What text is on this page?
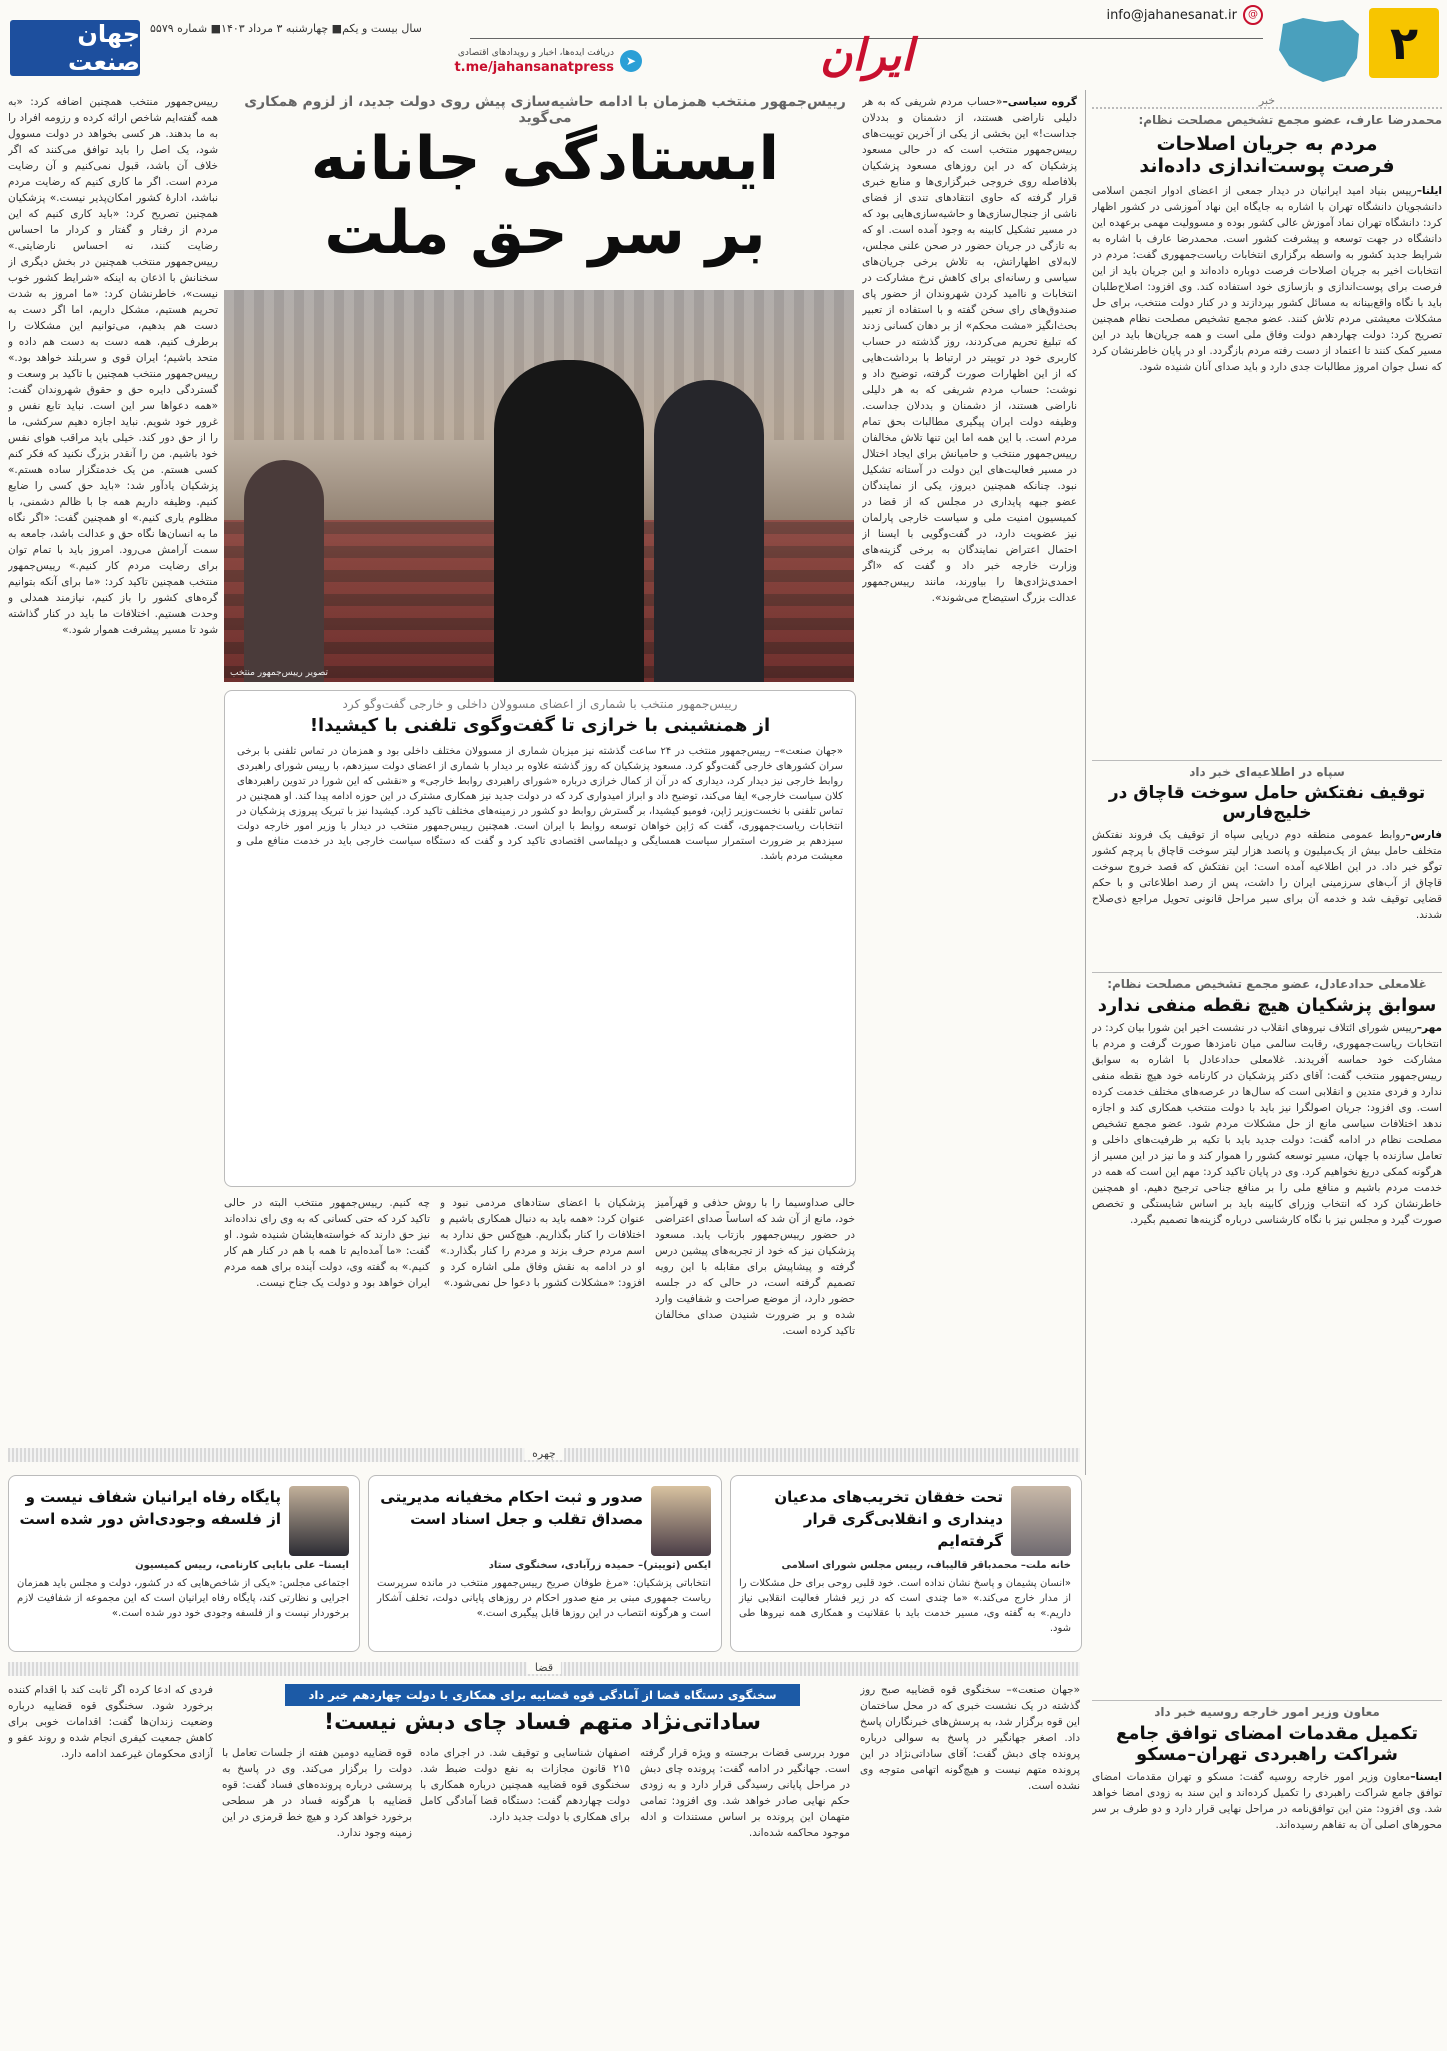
۲
@
info@jahanesanat.ir
ایران
➤
دریافت ایده‌ها، اخبار و رویدادهای اقتصادی
t.me/jahansanatpress
سال بیست و یکم■ چهارشنبه ۳ مرداد ۱۴۰۳■ شماره ۵۵۷۹
جهان صنعت
خبر

محمدرضا عارف، عضو مجمع تشخیص مصلحت نظام:

مردم به جریان اصلاحات

فرصت پوست‌اندازی داده‌اند

ایلنا–رییس بنیاد امید ایرانیان در دیدار جمعی از اعضای ادوار انجمن اسلامی دانشجویان دانشگاه تهران با اشاره به جایگاه این نهاد آموزشی در کشور اظهار کرد: دانشگاه تهران نماد آموزش عالی کشور بوده و مسوولیت مهمی برعهده این دانشگاه در جهت توسعه و پیشرفت کشور است. محمدرضا عارف با اشاره به شرایط جدید کشور به واسطه برگزاری انتخابات ریاست‌جمهوری گفت: مردم در انتخابات اخیر به جریان اصلاحات فرصت دوباره داده‌اند و این جریان باید از این فرصت برای پوست‌اندازی و بازسازی خود استفاده کند. وی افزود: اصلاح‌طلبان باید با نگاه واقع‌بینانه به مسائل کشور بپردازند و در کنار دولت منتخب، برای حل مشکلات معیشتی مردم تلاش کنند. عضو مجمع تشخیص مصلحت نظام همچنین تصریح کرد: دولت چهاردهم دولت وفاق ملی است و همه جریان‌ها باید در این مسیر کمک کنند تا اعتماد از دست رفته مردم بازگردد. او در پایان خاطرنشان کرد که نسل جوان امروز مطالبات جدی دارد و باید صدای آنان شنیده شود.

سپاه در اطلاعیه‌ای خبر داد

توقیف نفتکش حامل سوخت قاچاق در خلیج‌فارس

فارس–روابط عمومی منطقه دوم دریایی سپاه از توقیف یک فروند نفتکش متخلف حامل بیش از یک‌میلیون و پانصد هزار لیتر سوخت قاچاق با پرچم کشور توگو خبر داد. در این اطلاعیه آمده است: این نفتکش که قصد خروج سوخت قاچاق از آب‌های سرزمینی ایران را داشت، پس از رصد اطلاعاتی و با حکم قضایی توقیف شد و خدمه آن برای سیر مراحل قانونی تحویل مراجع ذی‌صلاح شدند.

غلامعلی حدادعادل، عضو مجمع تشخیص مصلحت نظام:

سوابق پزشکیان هیچ نقطه منفی ندارد

مهر–رییس شورای ائتلاف نیروهای انقلاب در نشست اخیر این شورا بیان کرد: در انتخابات ریاست‌جمهوری، رقابت سالمی میان نامزدها صورت گرفت و مردم با مشارکت خود حماسه آفریدند. غلامعلی حدادعادل با اشاره به سوابق رییس‌جمهور منتخب گفت: آقای دکتر پزشکیان در کارنامه خود هیچ نقطه منفی ندارد و فردی متدین و انقلابی است که سال‌ها در عرصه‌های مختلف خدمت کرده است. وی افزود: جریان اصولگرا نیز باید با دولت منتخب همکاری کند و اجازه ندهد اختلافات سیاسی مانع از حل مشکلات مردم شود. عضو مجمع تشخیص مصلحت نظام در ادامه گفت: دولت جدید باید با تکیه بر ظرفیت‌های داخلی و تعامل سازنده با جهان، مسیر توسعه کشور را هموار کند و ما نیز در این مسیر از هرگونه کمکی دریغ نخواهیم کرد. وی در پایان تاکید کرد: مهم این است که همه در خدمت مردم باشیم و منافع ملی را بر منافع جناحی ترجیح دهیم. او همچنین خاطرنشان کرد که انتخاب وزرای کابینه باید بر اساس شایستگی و تخصص صورت گیرد و مجلس نیز با نگاه کارشناسی درباره گزینه‌ها تصمیم بگیرد.

معاون وزیر امور خارجه روسیه خبر داد

تکمیل مقدمات امضای توافق جامع

شراکت راهبردی تهران–مسکو

ایسنا–معاون وزیر امور خارجه روسیه گفت: مسکو و تهران مقدمات امضای توافق جامع شراکت راهبردی را تکمیل کرده‌اند و این سند به زودی امضا خواهد شد. وی افزود: متن این توافق‌نامه در مراحل نهایی قرار دارد و دو طرف بر سر محورهای اصلی آن به تفاهم رسیده‌اند.

رییس‌جمهور منتخب همزمان با ادامه حاشیه‌سازی پیش روی دولت جدید، از لزوم همکاری می‌گوید
ایستادگی جانانه
بر سر حق ملت
تصویر رییس‌جمهور منتخب

گروه سیاسی–«حساب مردم شریفی که به هر دلیلی ناراضی هستند، از دشمنان و بددلان جداست!» این بخشی از یکی از آخرین توییت‌های رییس‌جمهور منتخب است که در حالی مسعود پزشکیان که در این روزهای مسعود پزشکیان بلافاصله روی خروجی خبرگزاری‌ها و منابع خبری قرار گرفته که حاوی انتقادهای تندی از فضای ناشی از جنجال‌سازی‌ها و حاشیه‌سازی‌هایی بود که در مسیر تشکیل کابینه به وجود آمده است. او که به تازگی در جریان حضور در صحن علنی مجلس، لابه‌لای اظهاراتش، به تلاش برخی جریان‌های سیاسی و رسانه‌ای برای کاهش نرخ مشارکت در انتخابات و ناامید کردن شهروندان از حضور پای صندوق‌های رای سخن گفته و با استفاده از تعبیر بحث‌انگیز «مشت محکم» از بر دهان کسانی زدند که تبلیغ تحریم می‌کردند، روز گذشته در حساب کاربری خود در توییتر در ارتباط با برداشت‌هایی که از این اظهارات صورت گرفته، توضیح داد و نوشت: حساب مردم شریفی که به هر دلیلی ناراضی هستند، از دشمنان و بددلان جداست. وظیفه دولت ایران پیگیری مطالبات بحق تمام مردم است. با این همه اما این تنها تلاش مخالفان رییس‌جمهور منتخب و حامیانش برای ایجاد اختلال در مسیر فعالیت‌های این دولت در آستانه تشکیل نبود. چنانکه همچنین دیروز، یکی از نمایندگان عضو جبهه پایداری در مجلس که از قضا در کمیسیون امنیت ملی و سیاست خارجی پارلمان نیز عضویت دارد، در گفت‌وگویی با ایسنا از احتمال اعتراض نمایندگان به برخی گزینه‌های وزارت خارجه خبر داد و گفت که «اگر احمدی‌نژادی‌ها را بیاورند، مانند رییس‌جمهور عدالت بزرگ استیضاح می‌شوند».

رییس‌جمهور منتخب همچنین اضافه کرد: «به همه گفته‌ایم شاخص ارائه کرده و رزومه افراد را به ما بدهند. هر کسی بخواهد در دولت مسوول شود، یک اصل را باید توافق می‌کنند که اگر خلاف آن باشد، قبول نمی‌کنیم و آن رضایت مردم است. اگر ما کاری کنیم که رضایت مردم نباشد، ادارهٔ کشور امکان‌پذیر نیست.» پزشکیان همچنین تصریح کرد: «باید کاری کنیم که این مردم از رفتار و گفتار و کردار ما احساس رضایت کنند، نه احساس نارضایتی.» رییس‌جمهور منتخب همچنین در بخش دیگری از سخنانش با اذعان به اینکه «شرایط کشور خوب نیست»، خاطرنشان کرد: «ما امروز به شدت تحریم هستیم، مشکل داریم، اما اگر دست به دست هم بدهیم، می‌توانیم این مشکلات را برطرف کنیم. همه دست به دست هم داده و متحد باشیم؛ ایران قوی و سربلند خواهد بود.» رییس‌جمهور منتخب همچنین با تاکید بر وسعت و گستردگی دایره حق و حقوق شهروندان گفت: «همه دعواها سر این است. نباید تابع نفس و غرور خود شویم. نباید اجازه دهیم سرکشی، ما را از حق دور کند. خیلی باید مراقب هوای نفس خود باشیم. من را آنقدر بزرگ نکنید که فکر کنم کسی هستم. من یک خدمتگزار ساده هستم.» پزشکیان یادآور شد: «باید حق کسی را ضایع کنیم. وظیفه داریم همه جا با ظالم دشمنی، با مظلوم یاری کنیم.» او همچنین گفت: «اگر نگاه ما به انسان‌ها نگاه حق و عدالت باشد، جامعه به سمت آرامش می‌رود. امروز باید با تمام توان برای رضایت مردم کار کنیم.» رییس‌جمهور منتخب همچنین تاکید کرد: «ما برای آنکه بتوانیم گره‌های کشور را باز کنیم، نیازمند همدلی و وحدت هستیم. اختلافات ما باید در کنار گذاشته شود تا مسیر پیشرفت هموار شود.»

رییس‌جمهور منتخب با شماری از اعضای مسوولان داخلی و خارجی گفت‌وگو کرد
از همنشینی با خرازی تا گفت‌وگوی تلفنی با کیشیدا!

«جهان صنعت»– رییس‌جمهور منتخب در ۲۴ ساعت گذشته نیز میزبان شماری از مسوولان مختلف داخلی بود و همزمان در تماس تلفنی با برخی سران کشورهای خارجی گفت‌وگو کرد. مسعود پزشکیان که روز گذشته علاوه بر دیدار با شماری از اعضای دولت سیزدهم، با رییس شورای راهبردی روابط خارجی نیز دیدار کرد، دیداری که در آن از کمال خرازی درباره «شورای راهبردی روابط خارجی» و «نقشی که این شورا در تدوین راهبردهای کلان سیاست خارجی» ایفا می‌کند، توضیح داد و ابراز امیدواری کرد که در دولت جدید نیز همکاری مشترک در این حوزه ادامه پیدا کند. او همچنین در تماس تلفنی با نخست‌وزیر ژاپن، فومیو کیشیدا، بر گسترش روابط دو کشور در زمینه‌های مختلف تاکید کرد. کیشیدا نیز با تبریک پیروزی پزشکیان در انتخابات ریاست‌جمهوری، گفت که ژاپن خواهان توسعه روابط با ایران است. همچنین رییس‌جمهور منتخب در دیدار با وزیر امور خارجه دولت سیزدهم بر ضرورت استمرار سیاست همسایگی و دیپلماسی اقتصادی تاکید کرد و گفت که دستگاه سیاست خارجی باید در خدمت منافع ملی و معیشت مردم باشد.

حالی صداوسیما را با روش حذفی و قهرآمیز خود، مانع از آن شد که اساساً صدای اعتراضی در حضور رییس‌جمهور بازتاب یابد. مسعود پزشکیان نیز که خود از تجربه‌های پیشین درس گرفته و پیشاپیش برای مقابله با این رویه تصمیم گرفته است، در حالی که در جلسه حضور دارد، از موضع صراحت و شفافیت وارد شده و بر ضرورت شنیدن صدای مخالفان تاکید کرده است.

پزشکیان با اعضای ستادهای مردمی نبود و عنوان کرد: «همه باید به دنبال همکاری باشیم و اختلافات را کنار بگذاریم. هیچ‌کس حق ندارد به اسم مردم حرف بزند و مردم را کنار بگذارد.» او در ادامه به نقش وفاق ملی اشاره کرد و افزود: «مشکلات کشور با دعوا حل نمی‌شود.»

چه کنیم. رییس‌جمهور منتخب البته در حالی تاکید کرد که حتی کسانی که به وی رای نداده‌اند نیز حق دارند که خواسته‌هایشان شنیده شود. او گفت: «ما آمده‌ایم تا همه با هم در کنار هم کار کنیم.» به گفته وی، دولت آینده برای همه مردم ایران خواهد بود و دولت یک جناح نیست.

چهره
تحت خفقان تخریب‌های مدعیان دینداری و انقلابی‌گری قرار گرفته‌ایم
خانه ملت– محمدباقر قالیباف، رییس مجلس شورای اسلامی

«انسان پشیمان و پاسخ نشان نداده است. خود قلبی روحی برای حل مشکلات را از مدار خارج می‌کند.» «ما چندی است که در زیر فشار فعالیت انقلابی نیاز داریم.» به گفته وی، مسیر خدمت باید با عقلانیت و همکاری همه نیروها طی شود.

صدور و ثبت احکام مخفیانه مدیریتی مصداق تقلب و جعل اسناد است
ایکس (توییتر)– حمیده زرآبادی، سخنگوی ستاد

انتخاباتی پزشکیان: «مرغ طوفان صریح رییس‌جمهور منتخب در مانده سرپرست ریاست جمهوری مبنی بر منع صدور احکام در روزهای پایانی دولت، تخلف آشکار است و هرگونه انتصاب در این روزها قابل پیگیری است.»

پایگاه رفاه ایرانیان شفاف نیست و از فلسفه وجودی‌اش دور شده است
ایسنا– علی بابایی کارنامی، رییس کمیسیون

اجتماعی مجلس: «یکی از شاخص‌هایی که در کشور، دولت و مجلس باید همزمان اجرایی و نظارتی کند، پایگاه رفاه ایرانیان است که این مجموعه از شفافیت لازم برخوردار نیست و از فلسفه وجودی خود دور شده است.»

قضا
سخنگوی دستگاه قضا از آمادگی قوه قضاییه برای همکاری با دولت چهاردهم خبر داد
ساداتی‌نژاد متهم فساد چای دبش نیست!

«جهان صنعت»– سخنگوی قوه قضاییه صبح روز گذشته در یک نشست خبری که در محل ساختمان این قوه برگزار شد، به پرسش‌های خبرنگاران پاسخ داد. اصغر جهانگیر در پاسخ به سوالی درباره پرونده چای دبش گفت: آقای ساداتی‌نژاد در این پرونده متهم نیست و هیچ‌گونه اتهامی متوجه وی نشده است.

مورد بررسی قضات برجسته و ویژه قرار گرفته است. جهانگیر در ادامه گفت: پرونده چای دبش در مراحل پایانی رسیدگی قرار دارد و به زودی حکم نهایی صادر خواهد شد. وی افزود: تمامی متهمان این پرونده بر اساس مستندات و ادله موجود محاکمه شده‌اند.

اصفهان شناسایی و توقیف شد. در اجرای ماده ۲۱۵ قانون مجازات به نفع دولت ضبط شد. سخنگوی قوه قضاییه همچنین درباره همکاری با دولت چهاردهم گفت: دستگاه قضا آمادگی کامل برای همکاری با دولت جدید دارد.

قوه قضاییه دومین هفته از جلسات تعامل با دولت را برگزار می‌کند. وی در پاسخ به پرسشی درباره پرونده‌های فساد گفت: قوه قضاییه با هرگونه فساد در هر سطحی برخورد خواهد کرد و هیچ خط قرمزی در این زمینه وجود ندارد.

فردی که ادعا کرده اگر ثابت کند با اقدام کننده برخورد شود. سخنگوی قوه قضاییه درباره وضعیت زندان‌ها گفت: اقدامات خوبی برای کاهش جمعیت کیفری انجام شده و روند عفو و آزادی محکومان غیرعمد ادامه دارد.
